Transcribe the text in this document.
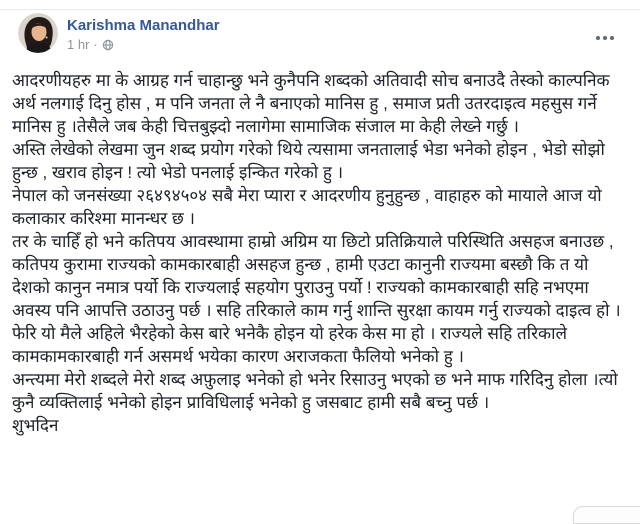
Karishma Manandhar
1 hr ·

आदरणीयहरु मा के आग्रह गर्न चाहान्छु भने कुनैपनि शब्दको अतिवादी सोच बनाउदै तेस्को काल्पनिक अर्थ नलगाई दिनु होस , म पनि जनता ले नै बनाएको मानिस हु , समाज प्रती उतरदाइत्व महसुस गर्ने मानिस हु ।तेसैले जब केही चित्तबुझ्दो नलागेमा सामाजिक संजाल मा केही लेख्ने गर्छु ।

अस्ति लेखेको लेखमा जुन शब्द प्रयोग गरेको थिये त्यसामा जनतालाई भेडा भनेको होइन , भेडो सोझो हुन्छ , खराव होइन ! त्यो भेडो पनलाई इन्कित गरेको हु ।

नेपाल को जनसंख्या २६४९४५०४ सबै मेरा प्यारा र आदरणीय हुनुहुन्छ , वाहाहरु को मायाले आज यो कलाकार करिश्मा मानन्धर छ ।

तर के चाहिँ हो भने कतिपय आवस्थामा हाम्रो अग्रिम या छिटो प्रतिक्रियाले परिस्थिति असहज बनाउछ , कतिपय कुरामा राज्यको कामकारबाही असहज हुन्छ , हामी एउटा कानुनी राज्यमा बस्छौ कि त यो देशको कानुन नमात्र पर्यो कि राज्यलाई सहयोग पुराउनु पर्यो ! राज्यको कामकारबाही सहि नभएमा अवस्य पनि आपत्ति उठाउनु पर्छ । सहि तरिकाले काम गर्नु शान्ति सुरक्षा कायम गर्नु राज्यको दाइत्व हो ।

फेरि यो मैले अहिले भैरहेको केस बारे भनेकै होइन यो हरेक केस मा हो । राज्यले सहि तरिकाले कामकामकारबाही गर्न असमर्थ भयेका कारण अराजकता फैलियो भनेको हु ।

अन्त्यमा मेरो शब्दले मेरो शब्द अफ़ुलाइ भनेको हो भनेर रिसाउनु भएको छ भने माफ गरिदिनु होला ।त्यो कुनै व्यक्तिलाई भनेको होइन प्राविधिलाई भनेको हु जसबाट हामी सबै बच्नु पर्छ ।

शुभदिन
